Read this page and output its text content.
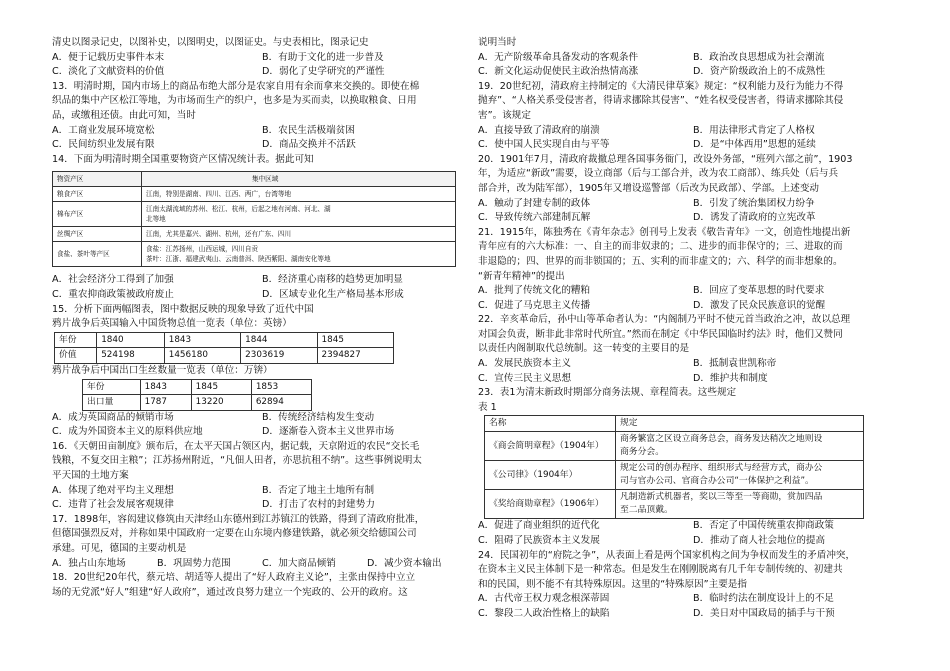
清史以图录记史，以图补史，以图明史，以图证史。与史表相比，图录记史

A．便于记载历史事件本末	B．有助于文化的进一步普及
C．淡化了文献资料的价值	D．弱化了史学研究的严谨性

13．明清时期，国内市场上的商品布绝大部分是农家自用有余而拿来交换的。即使在棉

织品的集中产区松江等地，为市场而生产的织户，也多是为买而卖，以换取粮食、日用

品，或缴租还债。由此可知，当时

A．工商业发展环境宽松	B．农民生活极端贫困
C．民间纺织业发展有限	D．商品交换并不活跃

14．下面为明清时期全国重要物资产区情况统计表。据此可知

物资产区	集中区域
粮食产区	江南，特别是湖南、四川、江西、两广，台湾等地
棉布产区	江南太湖流域的苏州、松江、杭州，后起之地有河南、河北、湖
北等地
丝绸产区	江南，尤其是嘉兴、湖州、杭州，还有广东、四川
食盐、茶叶等产区	食盐：江苏扬州，山西运城，四川自贡
茶叶：江浙、福建武夷山、云南普洱、陕西紫阳、湖南安化等地
A．社会经济分工得到了加强	B．经济重心南移的趋势更加明显
C．重农抑商政策被政府废止	D．区域专业化生产格局基本形成

15．分析下面两幅图表，图中数据反映的现象导致了近代中国

鸦片战争后英国输入中国货物总值一览表（单位：英镑）

年份	1840	1843	1844	1845
价值	524198	1456180	2303619	2394827

鸦片战争后中国出口生丝数量一览表（单位：万锛）

年份	1843	1845	1853
出口量	1787	13220	62894
A．成为英国商品的倾销市场	B．传统经济结构发生变动
C．成为外国资本主义的原料供应地	D．逐渐卷入资本主义世界市场

16．《天朝田亩制度》颁布后，在太平天国占领区内，据记载，天京附近的农民“交长毛

钱粮，不复交田主粮”；江苏扬州附近，“凡佃人田者，亦思抗租不纳”。这些事例说明太

平天国的土地方案

A．体现了绝对平均主义理想	B．否定了地主土地所有制
C．违背了社会发展客观规律	D．打击了农村的封建势力

17．1898年，容闳建议修筑由天津经山东德州到江苏镇江的铁路，得到了清政府批准，

但德国强烈反对，并称如果中国政府一定要在山东境内修建铁路，就必须交给德国公司

承建。可见，德国的主要动机是

A．独占山东地场	B．巩固势力范围	C．加大商品倾销	D．减少资本输出

18．20世纪20年代，蔡元培、胡适等人提出了“好人政府主义论”，主张由保持中立立

场的无党派“好人”组建“好人政府”，通过改良努力建立一个宪政的、公开的政府。这

说明当时

A．无产阶级革命具备发动的客观条件	B．政治改良思想成为社会潮流
C．新文化运动促使民主政治热情高涨	D．资产阶级政治上的不成熟性

19．20世纪初，清政府主持制定的《大清民律草案》规定：“权利能力及行为能力不得

抛弃”、“人格关系受侵害者，得请求挪除其侵害”、“姓名权受侵害者，得请求挪除其侵

害”。该规定

A．直接导致了清政府的崩溃	B．用法律形式肯定了人格权
C．使中国人民实现自由与平等	D．是“中体西用”思想的延续

20．1901年7月，清政府裁撤总理各国事务衙门，改设外务部，“班列六部之前”，1903

年，为适应“新政”需要，设立商部（后与工部合并，改为农工商部）、练兵处（后与兵

部合并，改为陆军部），1905年又增设巡警部（后改为民政部）、学部。上述变动

A．触动了封建专制的政体	B．引发了统治集团权力纷争
C．导致传统六部建制瓦解	D．诱发了清政府的立宪改革

21．1915年，陈独秀在《青年杂志》创刊号上发表《敬告青年》一文，创造性地提出新

青年应有的六大标准：一、自主的而非奴隶的；二、进步的而非保守的；三、进取的而

非退隐的；四、世界的而非锁国的；五、实利的而非虚文的；六、科学的而非想象的。

“新青年精神”的提出

A．批判了传统文化的糟粕	B．回应了变革思想的时代要求
C．促进了马克思主义传播	D．激发了民众民族意识的觉醒

22．辛亥革命后，孙中山等革命者认为：“内阁制乃平时不使元首当政治之冲，故以总理

对国会负责，断非此非常时代所宜。”然而在制定《中华民国临时约法》时，他们又赞同

以责任内阁制取代总统制。这一转变的主要目的是

A．发展民族资本主义	B．抵制袁世凯称帝
C．宣传三民主义思想	D．维护共和制度

23．表1为清末新政时期部分商务法规、章程简表。这些规定

表 1

名称	规定
《商会简明章程》（1904年）	商务繁富之区设立商务总会，商务发达稍次之地则设
商务分会。
《公司律》（1904年）	规定公司的创办程序、组织形式与经营方式，商办公
司与官办公司、官商合办公司“一体保护之利益”。
《奖给商勋章程》（1906年）	凡制造新式机器者，奖以三等至一等商勋，赏加四品
至二品顶戴。
A．促进了商业组织的近代化	B．否定了中国传统重农抑商政策
C．阻碍了民族资本主义发展	D．推动了商人社会地位的提高

24．民国初年的“府院之争”，从表面上看是两个国家机构之间为争权而发生的矛盾冲突，

在资本主义民主体制下是一种常态。但是发生在刚刚脱离有几千年专制传统的、初建共

和的民国，则不能不有其特殊原因。这里的“特殊原因”主要是指

A．古代帝王权力观念根深蒂固	B．临时约法在制度设计上的不足
C．黎段二人政治性格上的缺陷	D．美日对中国政局的插手与干预
